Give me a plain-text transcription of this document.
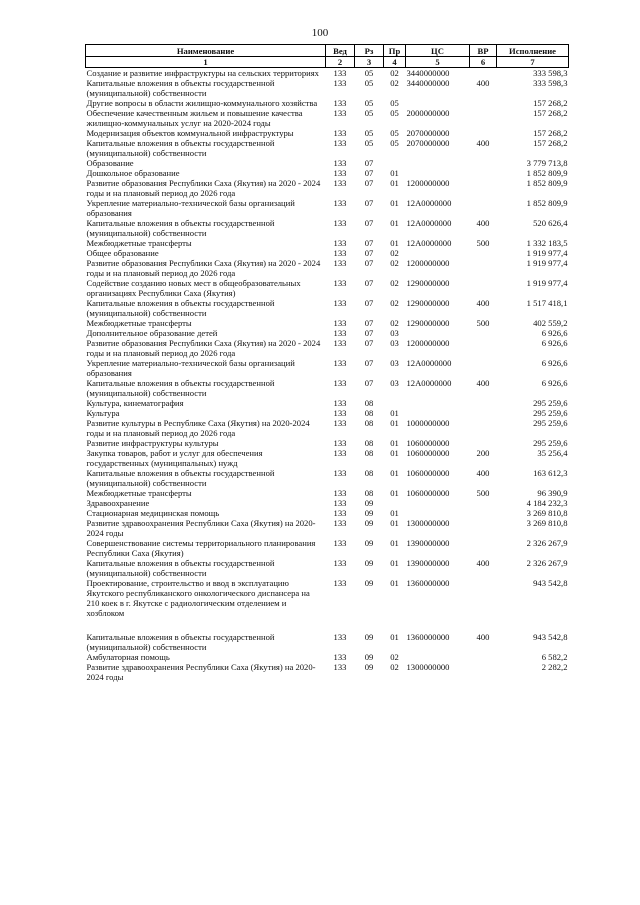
100
Наименование	Вед	Рз	Пр	ЦС	ВР	Исполнение
1	2	3	4	5	6	7
Создание и развитие инфраструктуры на сельских территориях	133	05	02	3440000000		333 598,3
Капитальные вложения в объекты государственной (муниципальной) собственности	133	05	02	3440000000	400	333 598,3
Другие вопросы в области жилищно-коммунального хозяйства	133	05	05			157 268,2
Обеспечение качественным жильем и повышение качества жилищно-коммунальных услуг на 2020-2024 годы	133	05	05	2000000000		157 268,2
Модернизация объектов коммунальной инфраструктуры	133	05	05	2070000000		157 268,2
Капитальные вложения в объекты государственной (муниципальной) собственности	133	05	05	2070000000	400	157 268,2
Образование	133	07				3 779 713,8
Дошкольное образование	133	07	01			1 852 809,9
Развитие образования Республики Саха (Якутия) на 2020 - 2024 годы и на плановый период до 2026 года	133	07	01	1200000000		1 852 809,9
Укрепление материально-технической базы организаций образования	133	07	01	12А0000000		1 852 809,9
Капитальные вложения в объекты государственной (муниципальной) собственности	133	07	01	12А0000000	400	520 626,4
Межбюджетные трансферты	133	07	01	12А0000000	500	1 332 183,5
Общее образование	133	07	02			1 919 977,4
Развитие образования Республики Саха (Якутия) на 2020 - 2024 годы и на плановый период до 2026 года	133	07	02	1200000000		1 919 977,4
Содействие созданию новых мест в общеобразовательных организациях Республики Саха (Якутия)	133	07	02	1290000000		1 919 977,4
Капитальные вложения в объекты государственной (муниципальной) собственности	133	07	02	1290000000	400	1 517 418,1
Межбюджетные трансферты	133	07	02	1290000000	500	402 559,2
Дополнительное образование детей	133	07	03			6 926,6
Развитие образования Республики Саха (Якутия) на 2020 - 2024 годы и на плановый период до 2026 года	133	07	03	1200000000		6 926,6
Укрепление материально-технической базы организаций образования	133	07	03	12А0000000		6 926,6
Капитальные вложения в объекты государственной (муниципальной) собственности	133	07	03	12А0000000	400	6 926,6
Культура, кинематография	133	08				295 259,6
Культура	133	08	01			295 259,6
Развитие культуры в Республике Саха (Якутия) на 2020-2024 годы и на плановый период до 2026 года	133	08	01	1000000000		295 259,6
Развитие инфраструктуры культуры	133	08	01	1060000000		295 259,6
Закупка товаров, работ и услуг для обеспечения государственных (муниципальных) нужд	133	08	01	1060000000	200	35 256,4
Капитальные вложения в объекты государственной (муниципальной) собственности	133	08	01	1060000000	400	163 612,3
Межбюджетные трансферты	133	08	01	1060000000	500	96 390,9
Здравоохранение	133	09				4 184 232,3
Стационарная медицинская помощь	133	09	01			3 269 810,8
Развитие здравоохранения Республики Саха (Якутия) на 2020-2024 годы	133	09	01	1300000000		3 269 810,8
Совершенствование системы территориального планирования Республики Саха (Якутия)	133	09	01	1390000000		2 326 267,9
Капитальные вложения в объекты государственной (муниципальной) собственности	133	09	01	1390000000	400	2 326 267,9
Проектирование, строительство и ввод в эксплуатацию Якутского республиканского онкологического диспансера на 210 коек в г. Якутске с радиологическим отделением и хозблоком	133	09	01	1360000000		943 542,8

Капитальные вложения в объекты государственной (муниципальной) собственности	133	09	01	1360000000	400	943 542,8
Амбулаторная помощь	133	09	02			6 582,2
Развитие здравоохранения Республики Саха (Якутия) на 2020-2024 годы	133	09	02	1300000000		2 282,2
